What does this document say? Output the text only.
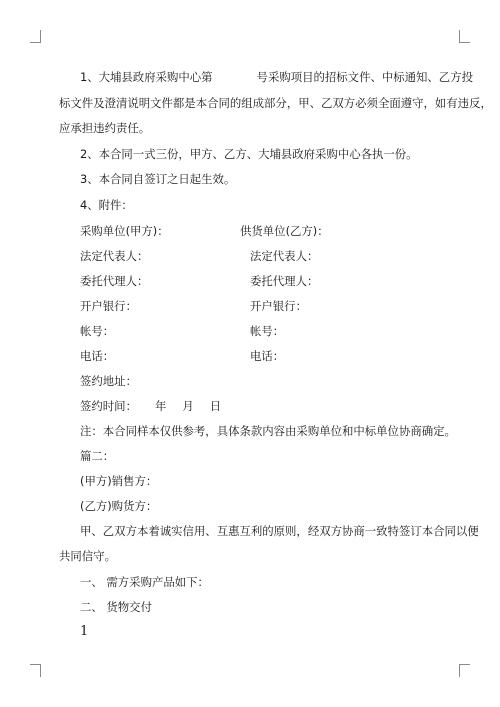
1、大埔县政府采购中心第	号采购项目的招标文件、中标通知、乙方投
标文件及澄清说明文件都是本合同的组成部分，甲、乙双方必须全面遵守，如有违反，
应承担违约责任。
2、本合同一式三份，甲方、乙方、大埔县政府采购中心各执一份。
3、本合同自签订之日起生效。
4、附件：
采购单位(甲方)：	供货单位(乙方)：
法定代表人：	法定代表人：
委托代理人：	委托代理人：
开户银行：	开户银行：
帐号：	帐号：
电话：	电话：
签约地址：
签约时间： 年 月 日
注：本合同样本仅供参考，具体条款内容由采购单位和中标单位协商确定。
篇二：
(甲方)销售方：
(乙方)购货方：
甲、乙双方本着诚实信用、互惠互利的原则，经双方协商一致特签订本合同以便
共同信守。
一、 需方采购产品如下：
二、 货物交付
1
